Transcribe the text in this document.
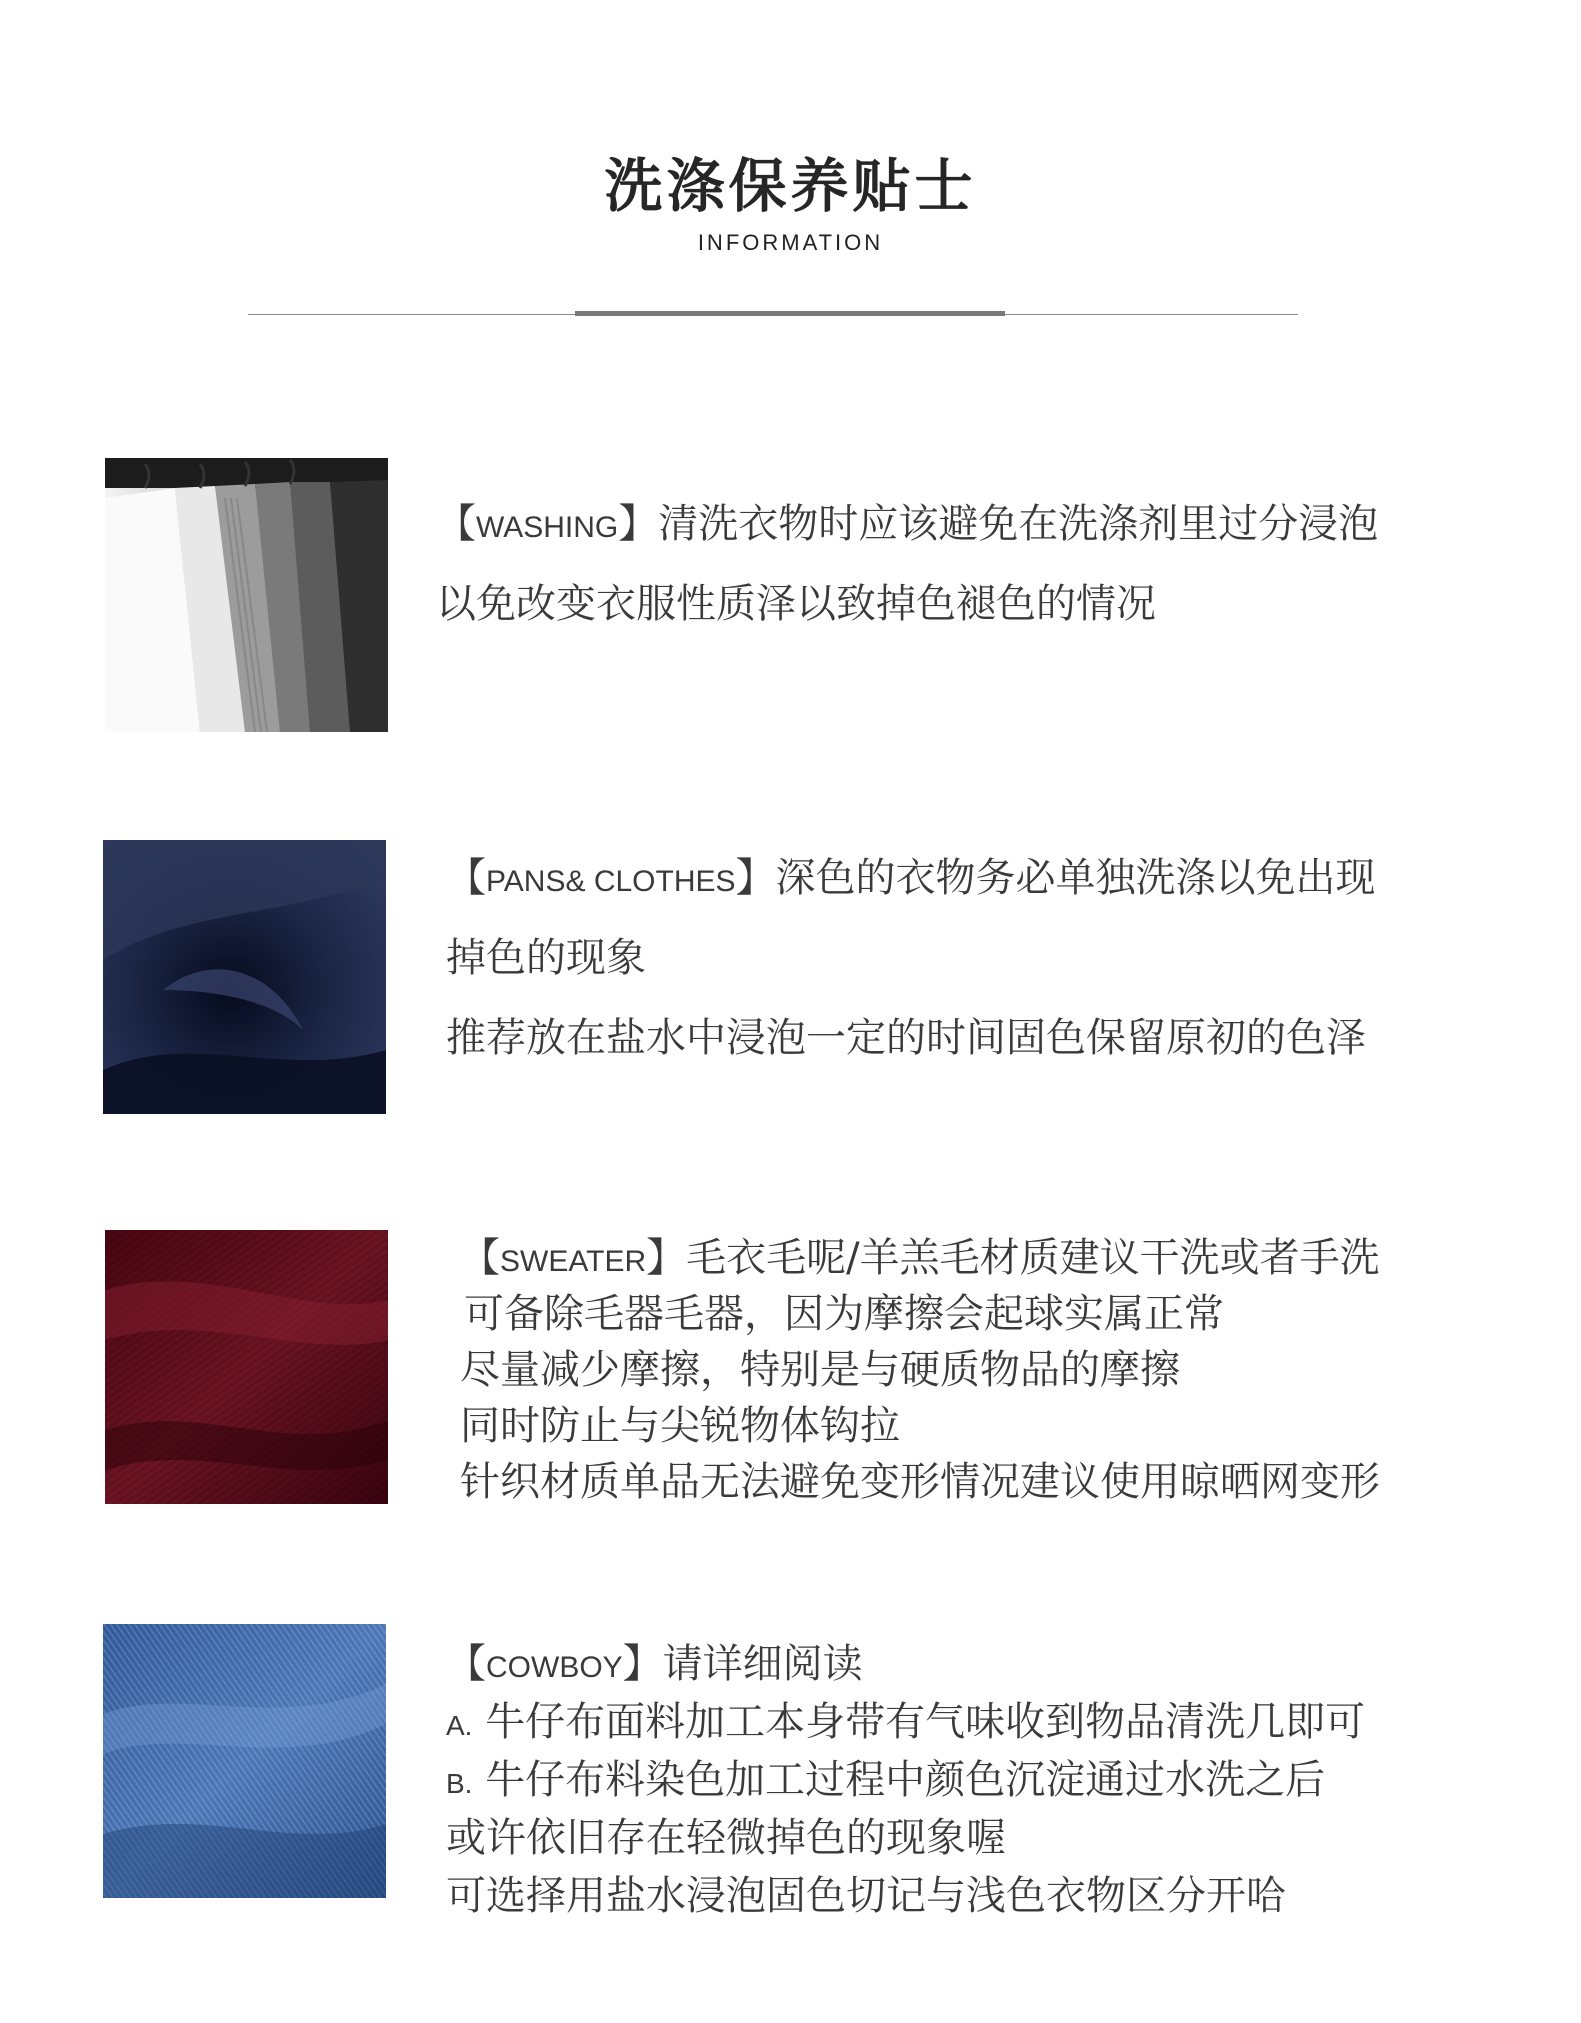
洗涤保养贴士
INFORMATION
【WASHING】清洗衣物时应该避免在洗涤剂里过分浸泡
以免改变衣服性质泽以致掉色褪色的情况
【PANS& CLOTHES】深色的衣物务必单独洗涤以免出现
掉色的现象
推荐放在盐水中浸泡一定的时间固色保留原初的色泽
【SWEATER】毛衣毛呢/羊羔毛材质建议干洗或者手洗
可备除毛器毛器，因为摩擦会起球实属正常
尽量减少摩擦，特别是与硬质物品的摩擦
同时防止与尖锐物体钩拉
针织材质单品无法避免变形情况建议使用晾晒网变形
【COWBOY】请详细阅读
A. 牛仔布面料加工本身带有气味收到物品清洗几即可
B. 牛仔布料染色加工过程中颜色沉淀通过水洗之后
或许依旧存在轻微掉色的现象喔
可选择用盐水浸泡固色切记与浅色衣物区分开哈
